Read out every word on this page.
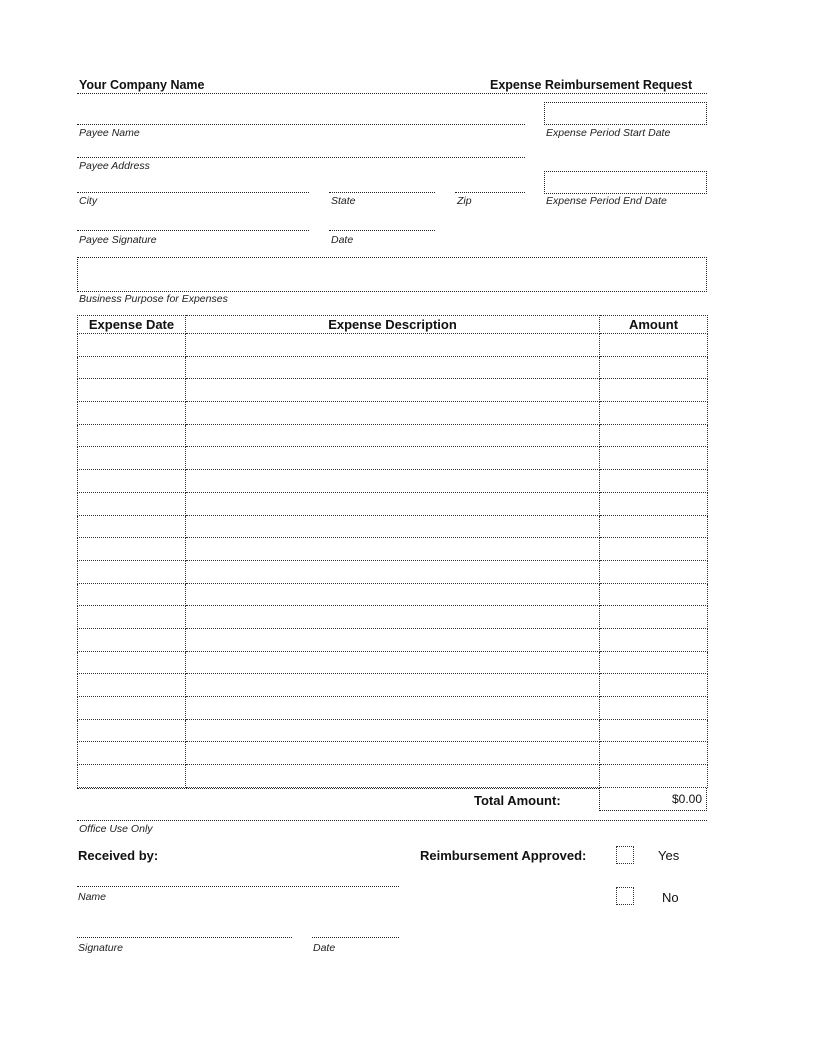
Your Company Name	Expense Reimbursement Request
Payee Name	Expense Period Start Date
Payee Address
City	State	Zip	Expense Period End Date
Payee Signature	Date
Business Purpose for Expenses
Expense Date	Expense Description	Amount

Total Amount:	$0.00
Office Use Only
Received by:
Name
Signature	Date
Reimbursement Approved:	Yes
No
